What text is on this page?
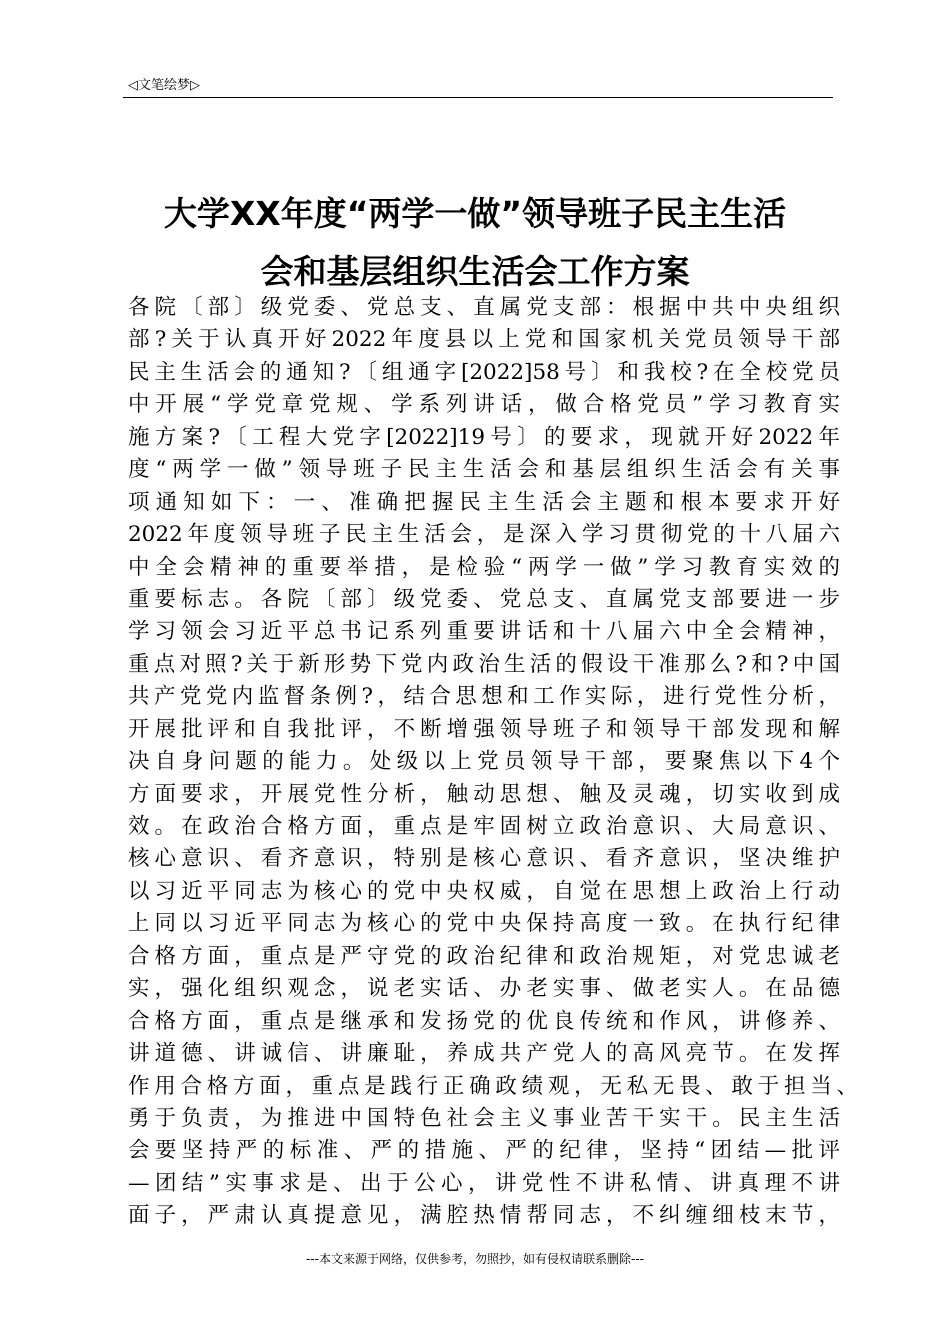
◁文笔绘梦▷
大学XX年度“两学一做”领导班子民主生活
会和基层组织生活会工作方案
各院〔部〕级党委、党总支、直属党支部：根据中共中央组织
部?关于认真开好2022年度县以上党和国家机关党员领导干部
民主生活会的通知?〔组通字[2022]58号〕和我校?在全校党员
中开展“学党章党规、学系列讲话，做合格党员”学习教育实
施方案?〔工程大党字[2022]19号〕的要求，现就开好2022年
度“两学一做”领导班子民主生活会和基层组织生活会有关事
项通知如下：一、准确把握民主生活会主题和根本要求开好
2022年度领导班子民主生活会，是深入学习贯彻党的十八届六
中全会精神的重要举措，是检验“两学一做”学习教育实效的
重要标志。各院〔部〕级党委、党总支、直属党支部要进一步
学习领会习近平总书记系列重要讲话和十八届六中全会精神，
重点对照?关于新形势下党内政治生活的假设干准那么?和?中国
共产党党内监督条例?，结合思想和工作实际，进行党性分析，
开展批评和自我批评，不断增强领导班子和领导干部发现和解
决自身问题的能力。处级以上党员领导干部，要聚焦以下4个
方面要求，开展党性分析，触动思想、触及灵魂，切实收到成
效。在政治合格方面，重点是牢固树立政治意识、大局意识、
核心意识、看齐意识，特别是核心意识、看齐意识，坚决维护
以习近平同志为核心的党中央权威，自觉在思想上政治上行动
上同以习近平同志为核心的党中央保持高度一致。在执行纪律
合格方面，重点是严守党的政治纪律和政治规矩，对党忠诚老
实，强化组织观念，说老实话、办老实事、做老实人。在品德
合格方面，重点是继承和发扬党的优良传统和作风，讲修养、
讲道德、讲诚信、讲廉耻，养成共产党人的高风亮节。在发挥
作用合格方面，重点是践行正确政绩观，无私无畏、敢于担当、
勇于负责，为推进中国特色社会主义事业苦干实干。民主生活
会要坚持严的标准、严的措施、严的纪律，坚持“团结—批评
—团结”实事求是、出于公心，讲党性不讲私情、讲真理不讲
面子，严肃认真提意见，满腔热情帮同志，不纠缠细枝末节，
---本文来源于网络，仅供参考，勿照抄，如有侵权请联系删除---
